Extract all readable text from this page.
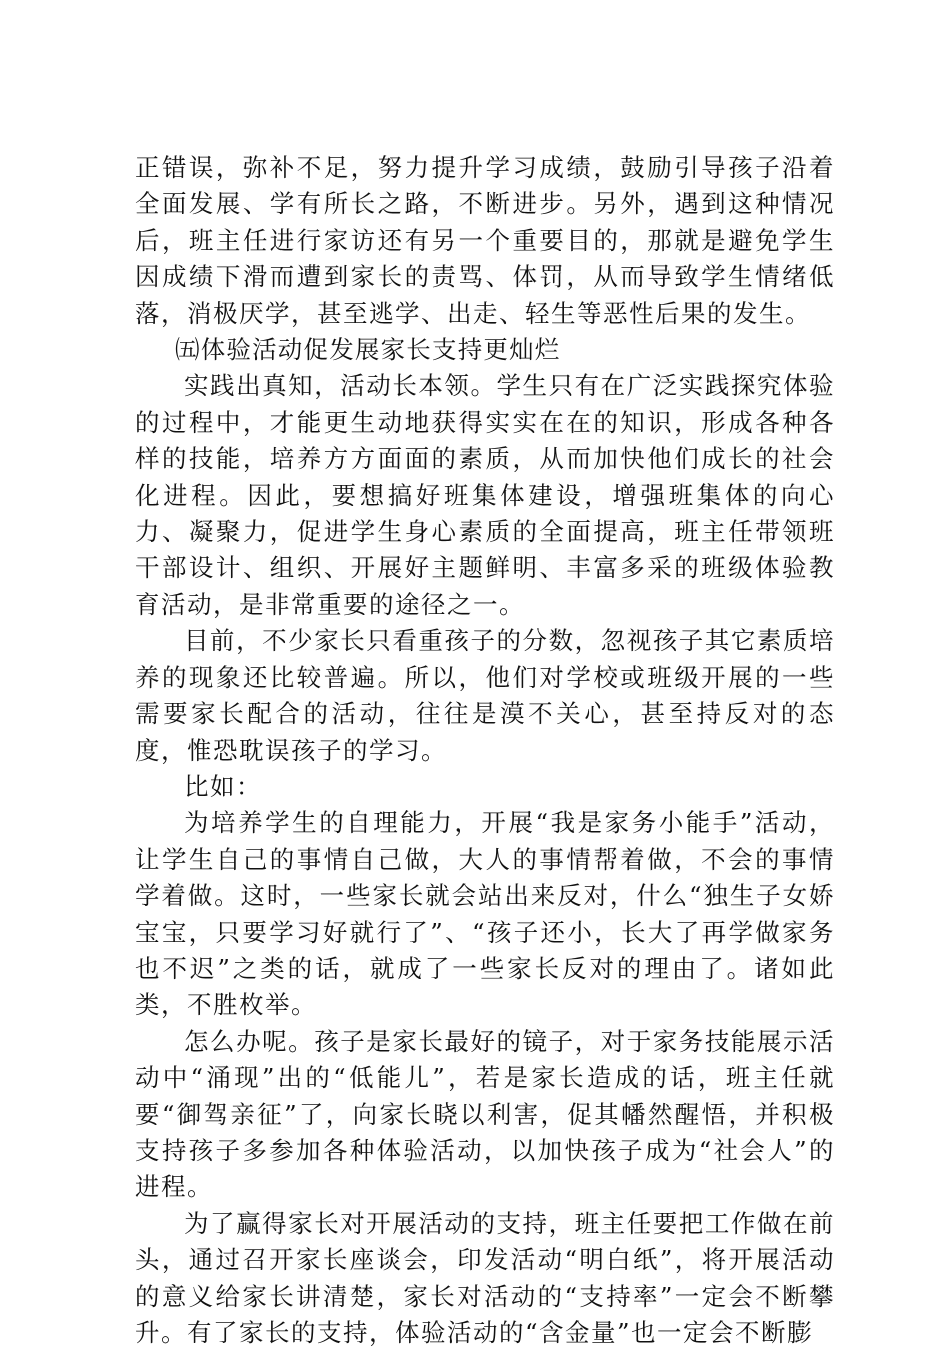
正错误，弥补不足，努力提升学习成绩，鼓励引导孩子沿着全面发展、学有所长之路，不断进步。另外，遇到这种情况后，班主任进行家访还有另一个重要目的，那就是避免学生因成绩下滑而遭到家长的责骂、体罚，从而导致学生情绪低落，消极厌学，甚至逃学、出走、轻生等恶性后果的发生。

㈤体验活动促发展家长支持更灿烂

实践出真知，活动长本领。学生只有在广泛实践探究体验的过程中，才能更生动地获得实实在在的知识，形成各种各样的技能，培养方方面面的素质，从而加快他们成长的社会化进程。因此，要想搞好班集体建设，增强班集体的向心力、凝聚力，促进学生身心素质的全面提高，班主任带领班干部设计、组织、开展好主题鲜明、丰富多采的班级体验教育活动，是非常重要的途径之一。

目前，不少家长只看重孩子的分数，忽视孩子其它素质培养的现象还比较普遍。所以，他们对学校或班级开展的一些需要家长配合的活动，往往是漠不关心，甚至持反对的态度，惟恐耽误孩子的学习。

比如：

为培养学生的自理能力，开展“我是家务小能手”活动，让学生自己的事情自己做，大人的事情帮着做，不会的事情学着做。这时，一些家长就会站出来反对，什么“独生子女娇宝宝，只要学习好就行了”、“孩子还小，长大了再学做家务也不迟”之类的话，就成了一些家长反对的理由了。诸如此类，不胜枚举。

怎么办呢。孩子是家长最好的镜子，对于家务技能展示活动中“涌现”出的“低能儿”，若是家长造成的话，班主任就要“御驾亲征”了，向家长晓以利害，促其幡然醒悟，并积极支持孩子多参加各种体验活动，以加快孩子成为“社会人”的进程。

为了赢得家长对开展活动的支持，班主任要把工作做在前头，通过召开家长座谈会，印发活动“明白纸”，将开展活动的意义给家长讲清楚，家长对活动的“支持率”一定会不断攀升。有了家长的支持，体验活动的“含金量”也一定会不断膨
